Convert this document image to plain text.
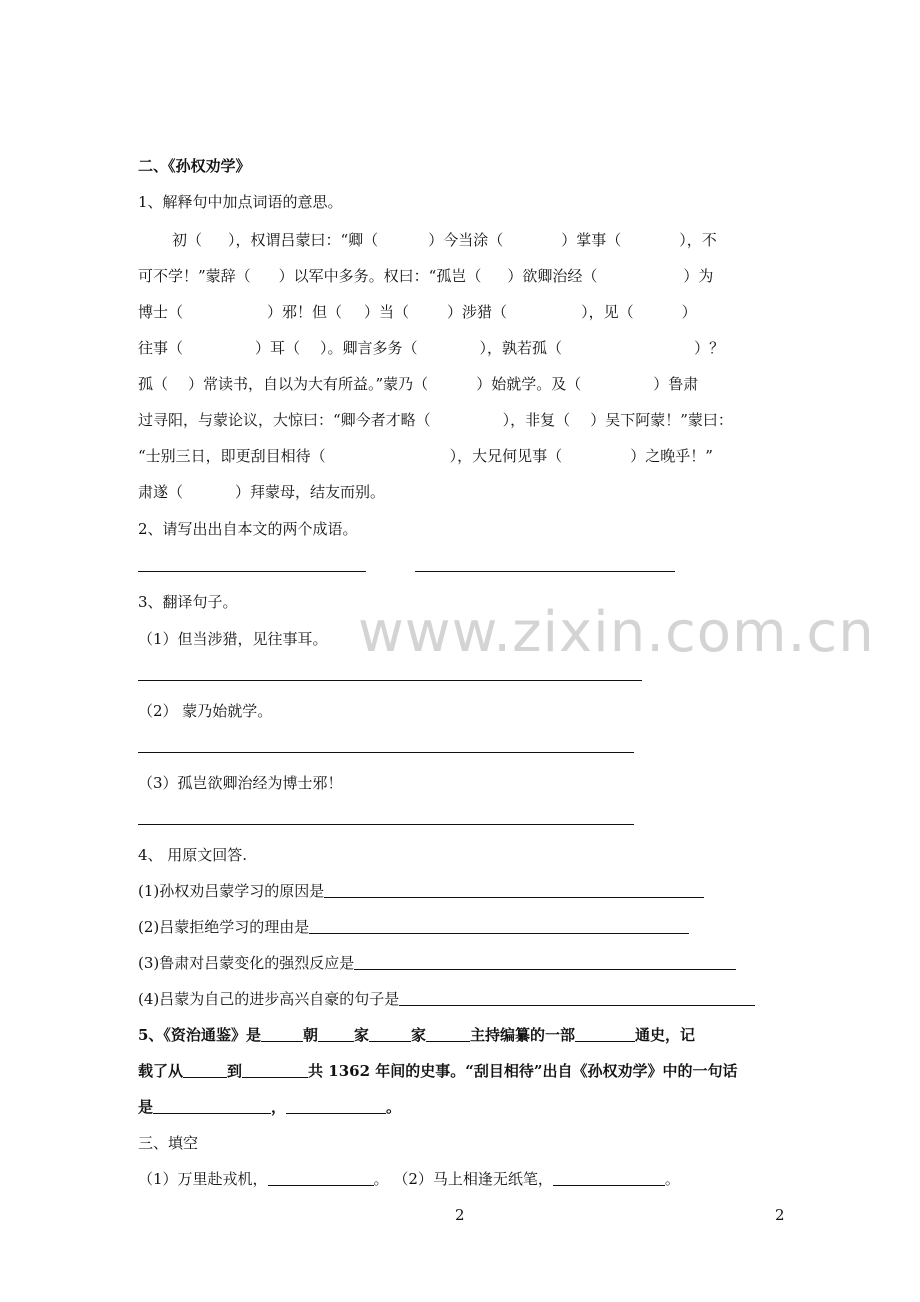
www.zixin.com.cn
二、《孙权劝学》
1、解释句中加点词语的意思。
初（ ），权谓吕蒙曰：“卿（	）今当涂（	）掌事（	），不
可不学！”蒙辞（ ）以军中多务。权曰：“孤岂（ ）欲卿治经（	）为
博士（	）邪！但（ ）当（	）涉猎（	），见（	）
往事（	）耳（ ）。卿言多务（	），孰若孤（	）？
孤（ ）常读书，自以为大有所益。”蒙乃（	）始就学。及（	）鲁肃
过寻阳，与蒙论议，大惊曰：“卿今者才略（	），非复（ ）吴下阿蒙！”蒙曰：
“士别三日，即更刮目相待（	），大兄何见事（	）之晚乎！”
肃遂（	）拜蒙母，结友而别。
2、请写出出自本文的两个成语。
3、翻译句子。
（1）但当涉猎，见往事耳。
（2） 蒙乃始就学。
（3）孤岂欲卿治经为博士邪！
4、 用原文回答.
(1)孙权劝吕蒙学习的原因是
(2)吕蒙拒绝学习的理由是
(3)鲁肃对吕蒙变化的强烈反应是
(4)吕蒙为自己的进步高兴自豪的句子是
5、《资治通鉴》是	朝 家	家	主持编纂的一部	通史，记
载了从	到	共 1362 年间的史事。“刮目相待”出自《孙权劝学》中的一句话
是	，	。
三、填空
（1）万里赴戎机，	。 （2）马上相逢无纸笔，	。
2	2
